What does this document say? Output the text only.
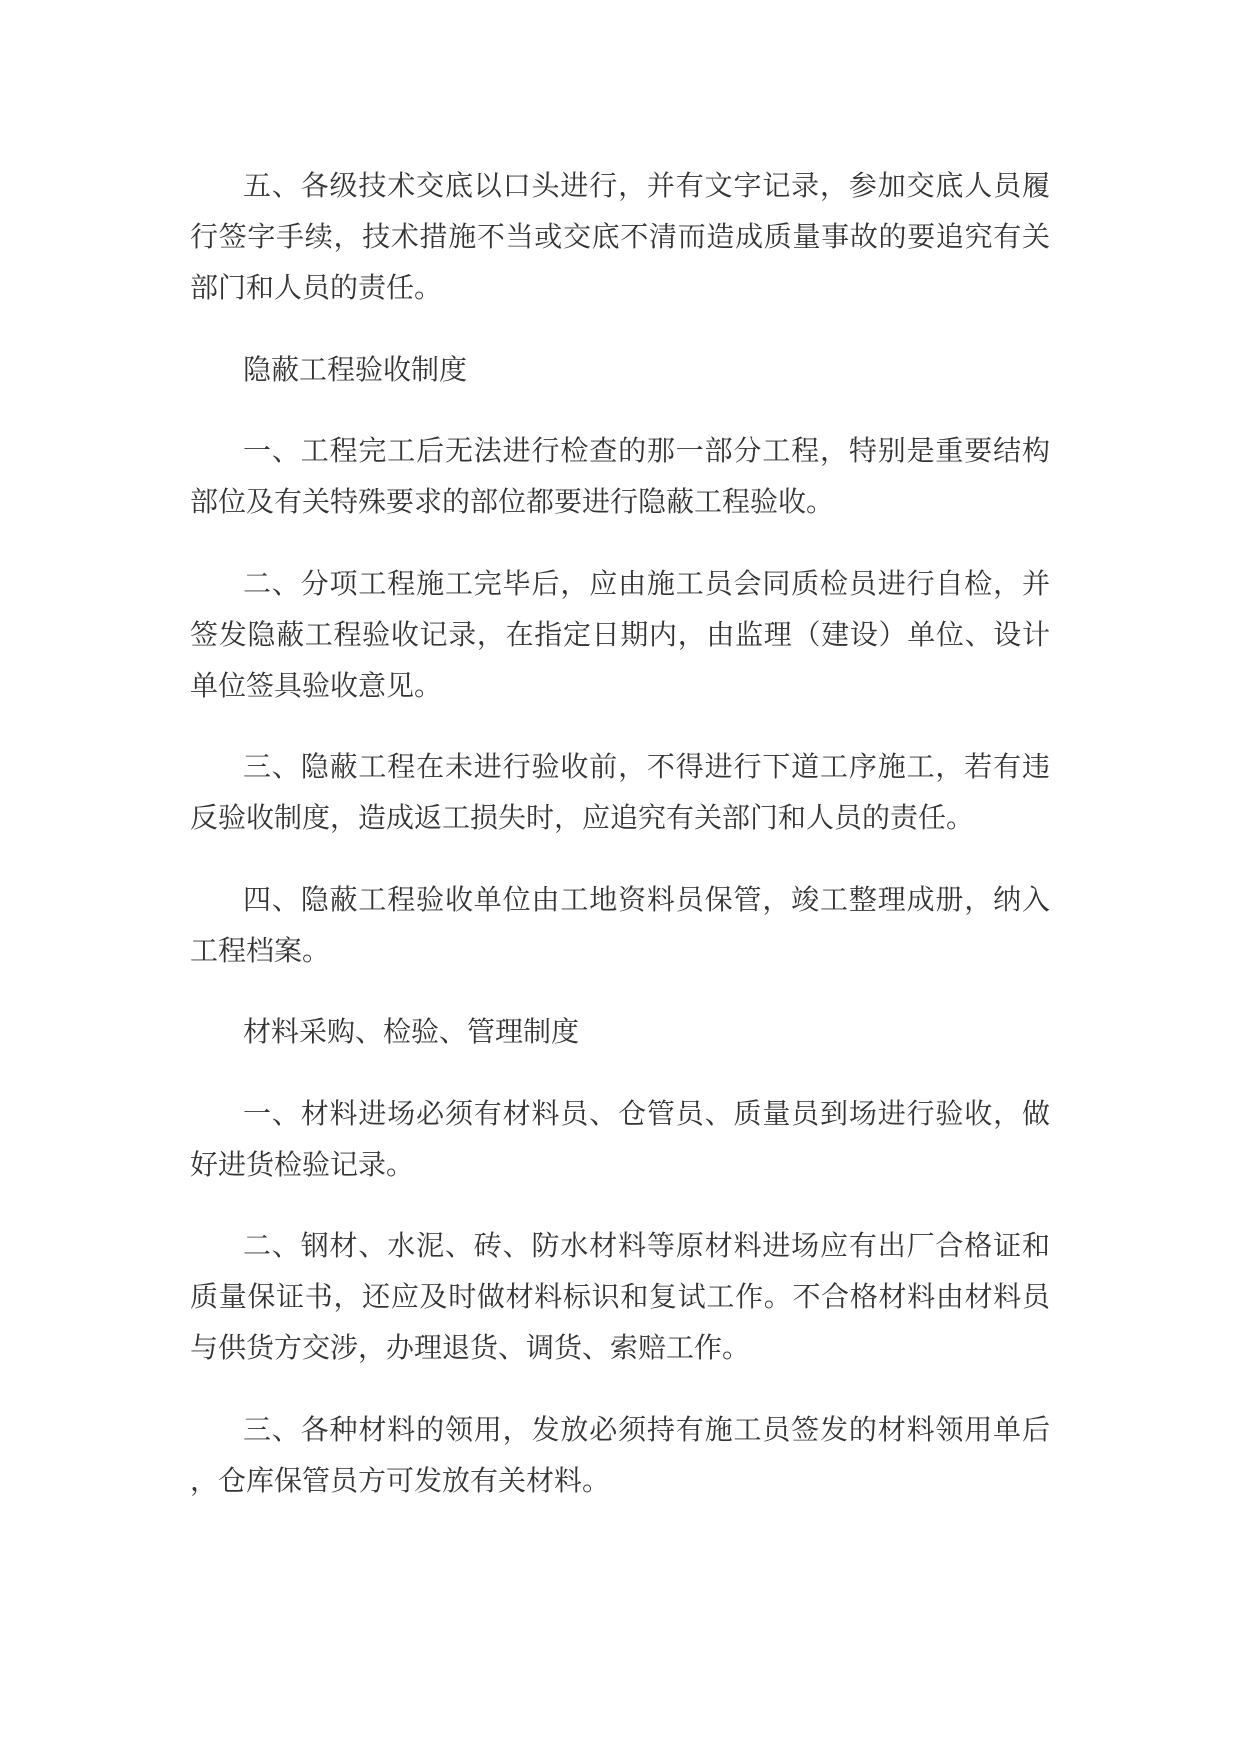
五、各级技术交底以口头进行，并有文字记录，参加交底人员履
行签字手续，技术措施不当或交底不清而造成质量事故的要追究有关
部门和人员的责任。
隐蔽工程验收制度
一、工程完工后无法进行检查的那一部分工程，特别是重要结构
部位及有关特殊要求的部位都要进行隐蔽工程验收。
二、分项工程施工完毕后，应由施工员会同质检员进行自检，并
签发隐蔽工程验收记录，在指定日期内，由监理（建设）单位、设计
单位签具验收意见。
三、隐蔽工程在未进行验收前，不得进行下道工序施工，若有违
反验收制度，造成返工损失时，应追究有关部门和人员的责任。
四、隐蔽工程验收单位由工地资料员保管，竣工整理成册，纳入
工程档案。
材料采购、检验、管理制度
一、材料进场必须有材料员、仓管员、质量员到场进行验收，做
好进货检验记录。
二、钢材、水泥、砖、防水材料等原材料进场应有出厂合格证和
质量保证书，还应及时做材料标识和复试工作。不合格材料由材料员
与供货方交涉，办理退货、调货、索赔工作。
三、各种材料的领用，发放必须持有施工员签发的材料领用单后
，仓库保管员方可发放有关材料。
